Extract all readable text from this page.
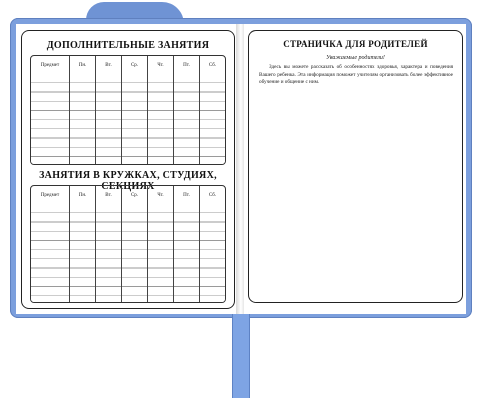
ДОПОЛНИТЕЛЬНЫЕ ЗАНЯТИЯ
Предмет	Пн.	Вт.	Ср.	Чт.	Пт.	Сб.
ЗАНЯТИЯ В КРУЖКАХ, СТУДИЯХ, СЕКЦИЯХ
Предмет	Пн.	Вт.	Ср.	Чт.	Пт.	Сб.
СТРАНИЧКА ДЛЯ РОДИТЕЛЕЙ
Уважаемые родители!
Здесь вы можете рассказать об особенностях здоровья, характера и поведения Вашего ребенка. Эта информация поможет учителям организовать более эффективное обучение и общение с ним.
